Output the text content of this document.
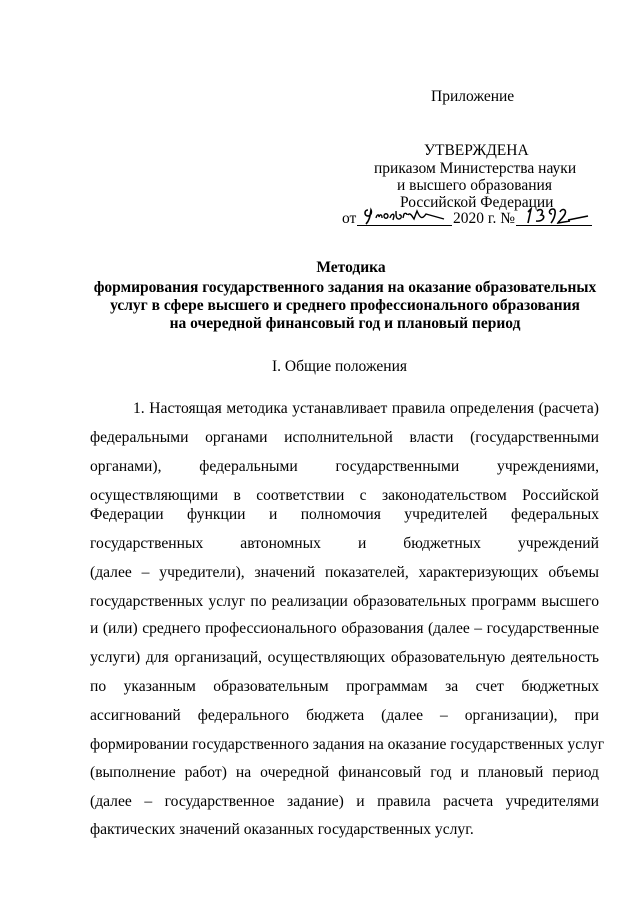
Приложение
УТВЕРЖДЕНА
приказом Министерства науки
и высшего образования
Российской Федерации
от	2020 г. №
Методика
формирования государственного задания на оказание образовательных
услуг в сфере высшего и среднего профессионального образования
на очередной финансовый год и плановый период
I. Общие положения
1. Настоящая методика устанавливает правила определения (расчета)
федеральными органами исполнительной власти (государственными
органами), федеральными государственными учреждениями,
осуществляющими в соответствии с законодательством Российской
Федерации функции и полномочия учредителей федеральных
государственных автономных и бюджетных учреждений
(далее – учредители), значений показателей, характеризующих объемы
государственных услуг по реализации образовательных программ высшего
и (или) среднего профессионального образования (далее – государственные
услуги) для организаций, осуществляющих образовательную деятельность
по указанным образовательным программам за счет бюджетных
ассигнований федерального бюджета (далее – организации), при
формировании государственного задания на оказание государственных услуг
(выполнение работ) на очередной финансовый год и плановый период
(далее – государственное задание) и правила расчета учредителями
фактических значений оказанных государственных услуг.
